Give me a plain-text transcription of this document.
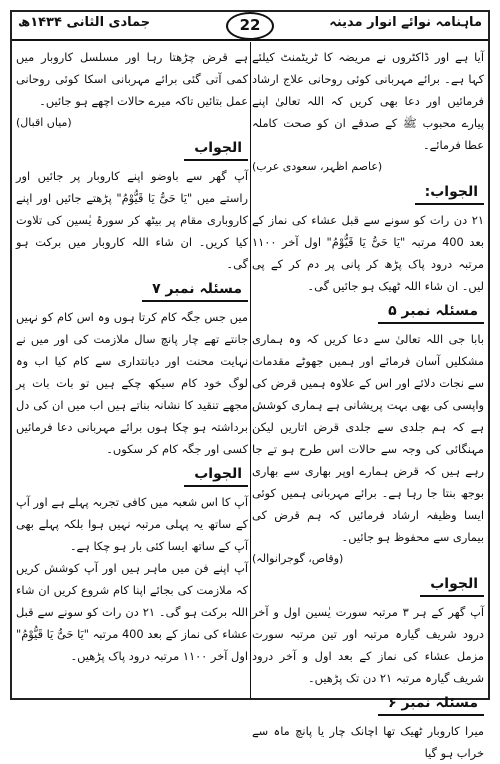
ماہنامہ نوائے انوار مدینہ
22
جمادی الثانی ۱۴۳۴ھ

آیا ہے اور ڈاکٹروں نے مریضہ کا ٹریٹمنٹ کیلئے کہا ہے۔ برائے مہربانی کوئی روحانی علاج ارشاد فرمائیں اور دعا بھی کریں کہ اللہ تعالیٰ اپنے پیارے محبوب ﷺ کے صدقے ان کو صحت کاملہ عطا فرمائے۔

(عاصم اظہر، سعودی عرب)

الجواب:

۲۱ دن رات کو سونے سے قبل عشاء کی نماز کے بعد 400 مرتبہ "یَا حَیُّ یَا قَیُّوْمُ" اول آخر ۱۱۰۰ مرتبہ درود پاک پڑھ کر پانی پر دم کر کے پی لیں۔ ان شاء اللہ ٹھیک ہو جائیں گی۔

مسئلہ نمبر ۵

بابا جی اللہ تعالیٰ سے دعا کریں کہ وہ ہماری مشکلیں آسان فرمائے اور ہمیں جھوٹے مقدمات سے نجات دلائے اور اس کے علاوہ ہمیں قرض کی واپسی کی بھی بہت پریشانی ہے ہماری کوشش ہے کہ ہم جلدی سے جلدی قرض اتاریں لیکن مہنگائی کی وجہ سے حالات اس طرح ہو تے جا رہے ہیں کہ قرض ہمارے اوپر بھاری سے بھاری بوجھ بنتا جا رہا ہے۔ برائے مہربانی ہمیں کوئی ایسا وظیفہ ارشاد فرمائیں کہ ہم قرض کی بیماری سے محفوظ ہو جائیں۔

(وقاص، گوجرانوالہ)

الجواب

آپ گھر کے ہر ۳ مرتبہ سورت یٰسین اول و آخر درود شریف گیارہ مرتبہ اور تین مرتبہ سورت مزمل عشاء کی نماز کے بعد اول و آخر درود شریف گیارہ مرتبہ ۲۱ دن تک پڑھیں۔

مسئلہ نمبر ۶

میرا کاروبار ٹھیک تھا اچانک چار یا پانچ ماہ سے خراب ہو گیا

ہے قرض چڑھتا رہا اور مسلسل کاروبار میں کمی آتی گئی برائے مہربانی اسکا کوئی روحانی عمل بتائیں تاکہ میرے حالات اچھے ہو جائیں۔

(میاں اقبال)

الجواب

آپ گھر سے باوضو اپنے کاروبار پر جائیں اور راستے میں "یَا حَیُّ یَا قَیُّوْمُ" پڑھتے جائیں اور اپنے کاروباری مقام پر بیٹھ کر سورۂ یٰسین کی تلاوت کیا کریں۔ ان شاء اللہ کاروبار میں برکت ہو گی۔

مسئلہ نمبر ۷

میں جس جگہ کام کرتا ہوں وہ اس کام کو نہیں جانتے تھے چار پانچ سال ملازمت کی اور میں نے نہایت محنت اور دیانتداری سے کام کیا اب وہ لوگ خود کام سیکھ چکے ہیں تو بات بات پر مجھے تنقید کا نشانہ بناتے ہیں اب میں ان کی دل برداشتہ ہو چکا ہوں برائے مہربانی دعا فرمائیں کسی اور جگہ کام کر سکوں۔

الجواب

آپ کا اس شعبہ میں کافی تجربہ پہلے ہے اور آپ کے ساتھ یہ پہلی مرتبہ نہیں ہوا بلکہ پہلے بھی آپ کے ساتھ ایسا کئی بار ہو چکا ہے۔

آپ اپنے فن میں ماہر ہیں اور آپ کوشش کریں کہ ملازمت کی بجائے اپنا کام شروع کریں ان شاء اللہ برکت ہو گی۔ ۲۱ دن رات کو سونے سے قبل عشاء کی نماز کے بعد 400 مرتبہ "یَا حَیُّ یَا قَیُّوْمُ" اول آخر ۱۱۰۰ مرتبہ درود پاک پڑھیں۔
